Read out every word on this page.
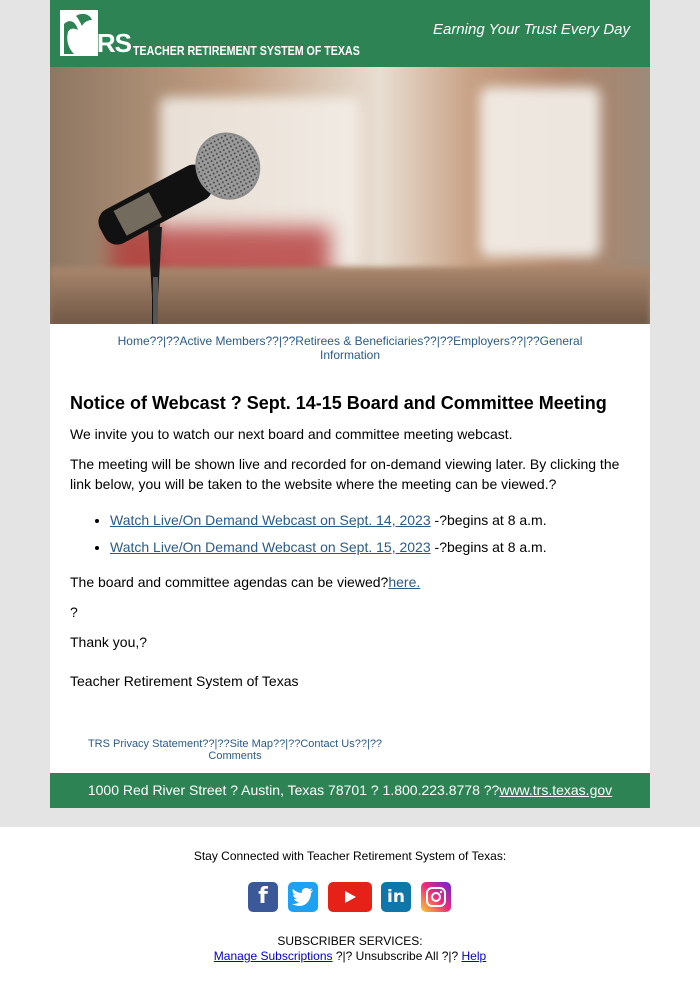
TRS TEACHER RETIREMENT SYSTEM OF TEXAS
Earning Your Trust Every Day
Home??|??Active Members??|??Retirees & Beneficiaries??|??Employers??|??General Information
Notice of Webcast ? Sept. 14-15 Board and Committee Meeting

We invite you to watch our next board and committee meeting webcast.

The meeting will be shown live and recorded for on-demand viewing later. By clicking the link below, you will be taken to the website where the meeting can be viewed.?

• Watch Live/On Demand Webcast on Sept. 14, 2023 -?begins at 8 a.m.
• Watch Live/On Demand Webcast on Sept. 15, 2023 -?begins at 8 a.m.

The board and committee agendas can be viewed?here.

?

Thank you,?

Teacher Retirement System of Texas

TRS Privacy Statement??|??Site Map??|??Contact Us??|?? Comments
1000 Red River Street ? Austin, Texas 78701 ? 1.800.223.8778 ??www.trs.texas.gov
Stay Connected with Teacher Retirement System of Texas:
f	in
SUBSCRIBER SERVICES:
Manage Subscriptions ?|? Unsubscribe All ?|? Help
